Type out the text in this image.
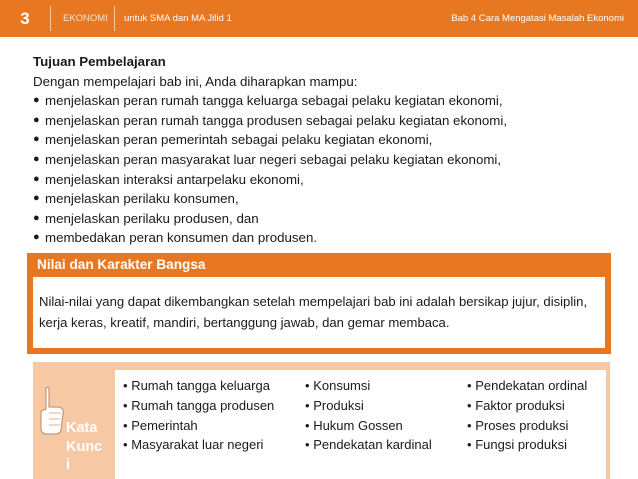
3	EKONOMI untuk SMA dan MA Jilid 1	Bab 4 Cara Mengatasi Masalah Ekonomi
Tujuan Pembelajaran
Dengan mempelajari bab ini, Anda diharapkan mampu:
● menjelaskan peran rumah tangga keluarga sebagai pelaku kegiatan ekonomi,
● menjelaskan peran rumah tangga produsen sebagai pelaku kegiatan ekonomi,
● menjelaskan peran pemerintah sebagai pelaku kegiatan ekonomi,
● menjelaskan peran masyarakat luar negeri sebagai pelaku kegiatan ekonomi,
● menjelaskan interaksi antarpelaku ekonomi,
● menjelaskan perilaku konsumen,
● menjelaskan perilaku produsen, dan
● membedakan peran konsumen dan produsen.
Nilai dan Karakter Bangsa
Nilai-nilai yang dapat dikembangkan setelah mempelajari bab ini adalah bersikap jujur, disiplin, kerja keras, kreatif, mandiri, bertanggung jawab, dan gemar membaca.
Kata
Kunc
i
• Rumah tangga keluarga
• Rumah tangga produsen
• Pemerintah
• Masyarakat luar negeri
• Konsumsi
• Produksi
• Hukum Gossen
• Pendekatan kardinal
• Pendekatan ordinal
• Faktor produksi
• Proses produksi
• Fungsi produksi
